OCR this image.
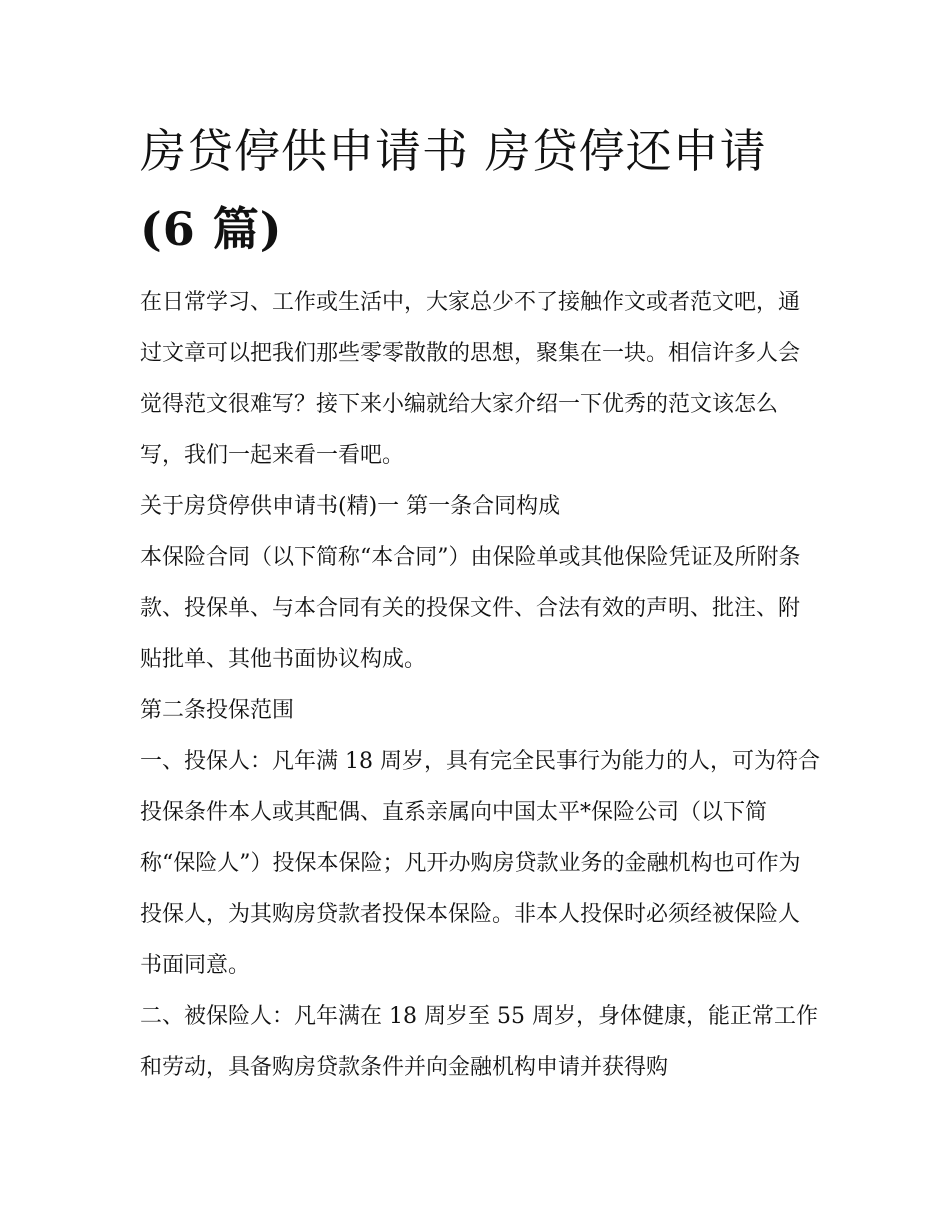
房贷停供申请书 房贷停还申请
(6 篇)

在日常学习、工作或生活中，大家总少不了接触作文或者范文吧，通过文章可以把我们那些零零散散的思想，聚集在一块。相信许多人会觉得范文很难写？接下来小编就给大家介绍一下优秀的范文该怎么写，我们一起来看一看吧。

关于房贷停供申请书(精)一 第一条合同构成

本保险合同（以下简称“本合同”）由保险单或其他保险凭证及所附条款、投保单、与本合同有关的投保文件、合法有效的声明、批注、附贴批单、其他书面协议构成。

第二条投保范围

一、投保人：凡年满 18 周岁，具有完全民事行为能力的人，可为符合投保条件本人或其配偶、直系亲属向中国太平*保险公司（以下简称“保险人”）投保本保险；凡开办购房贷款业务的金融机构也可作为投保人，为其购房贷款者投保本保险。非本人投保时必须经被保险人书面同意。

二、被保险人：凡年满在 18 周岁至 55 周岁，身体健康，能正常工作和劳动，具备购房贷款条件并向金融机构申请并获得购
